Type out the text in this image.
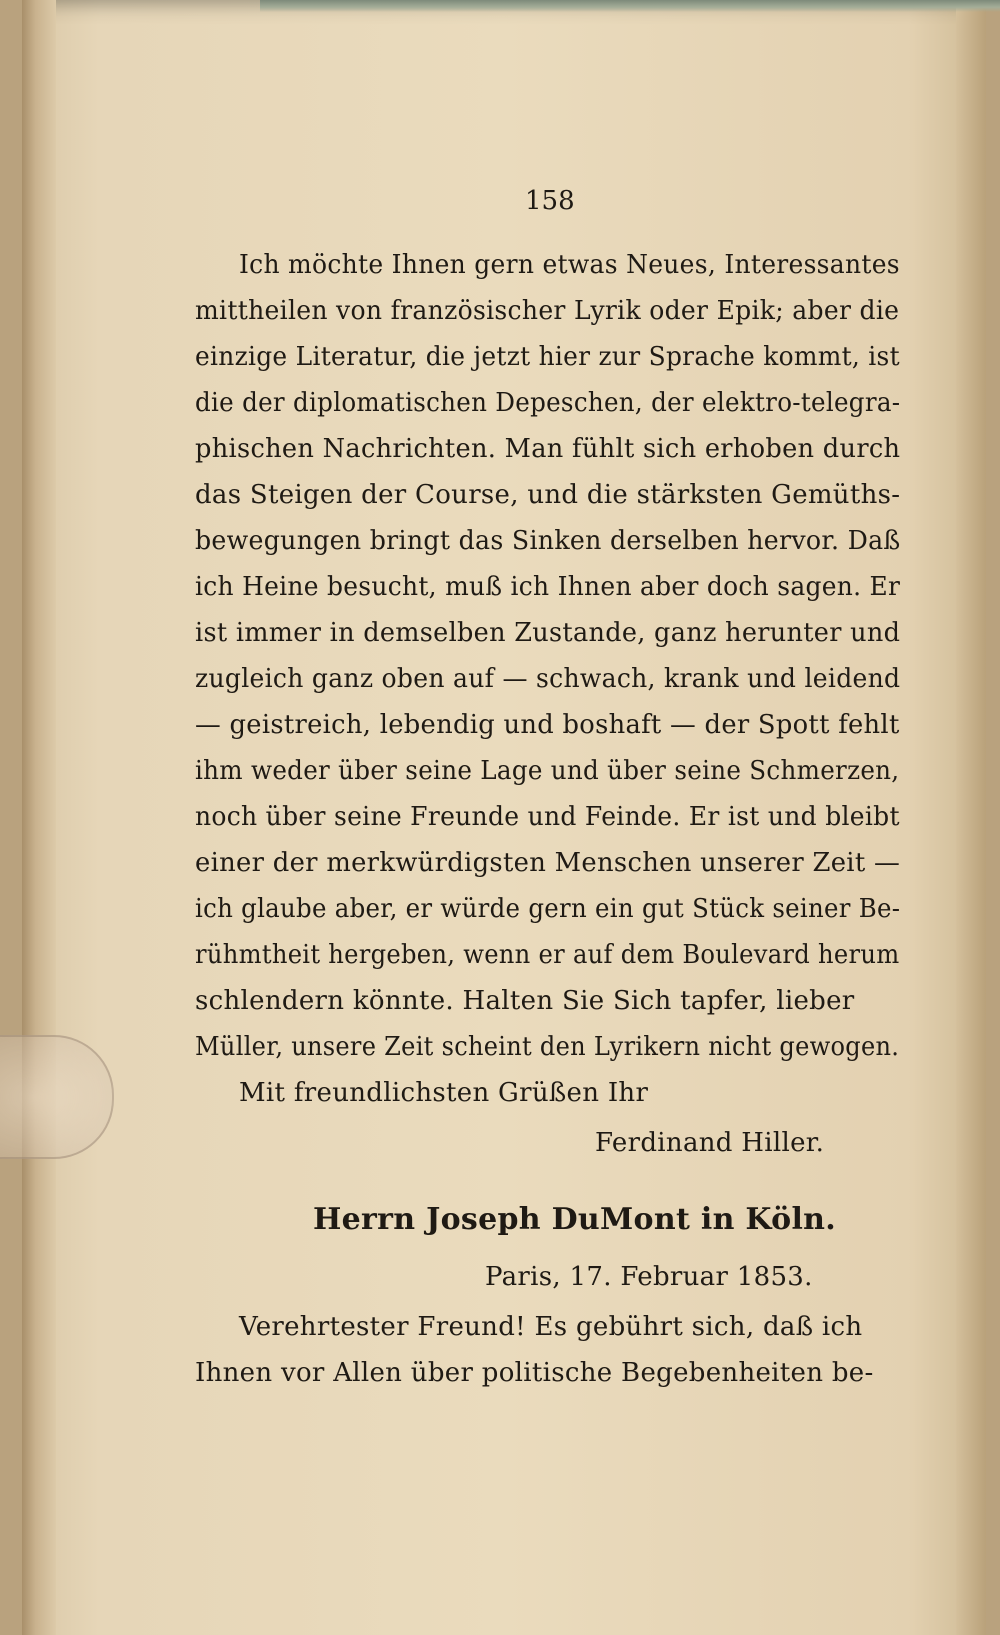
158
Ich möchte Ihnen gern etwas Neues, Interessantes
mittheilen von französischer Lyrik oder Epik; aber die
einzige Literatur, die jetzt hier zur Sprache kommt, ist
die der diplomatischen Depeschen, der elektro-telegra-
phischen Nachrichten. Man fühlt sich erhoben durch
das Steigen der Course, und die stärksten Gemüths-
bewegungen bringt das Sinken derselben hervor. Daß
ich Heine besucht, muß ich Ihnen aber doch sagen. Er
ist immer in demselben Zustande, ganz herunter und
zugleich ganz oben auf — schwach, krank und leidend
— geistreich, lebendig und boshaft — der Spott fehlt
ihm weder über seine Lage und über seine Schmerzen,
noch über seine Freunde und Feinde. Er ist und bleibt
einer der merkwürdigsten Menschen unserer Zeit —
ich glaube aber, er würde gern ein gut Stück seiner Be-
rühmtheit hergeben, wenn er auf dem Boulevard herum
schlendern könnte. Halten Sie Sich tapfer, lieber
Müller, unsere Zeit scheint den Lyrikern nicht gewogen.
Mit freundlichsten Grüßen Ihr
Ferdinand Hiller.
Herrn Joseph DuMont in Köln.
Paris, 17. Februar 1853.
Verehrtester Freund! Es gebührt sich, daß ich
Ihnen vor Allen über politische Begebenheiten be-
